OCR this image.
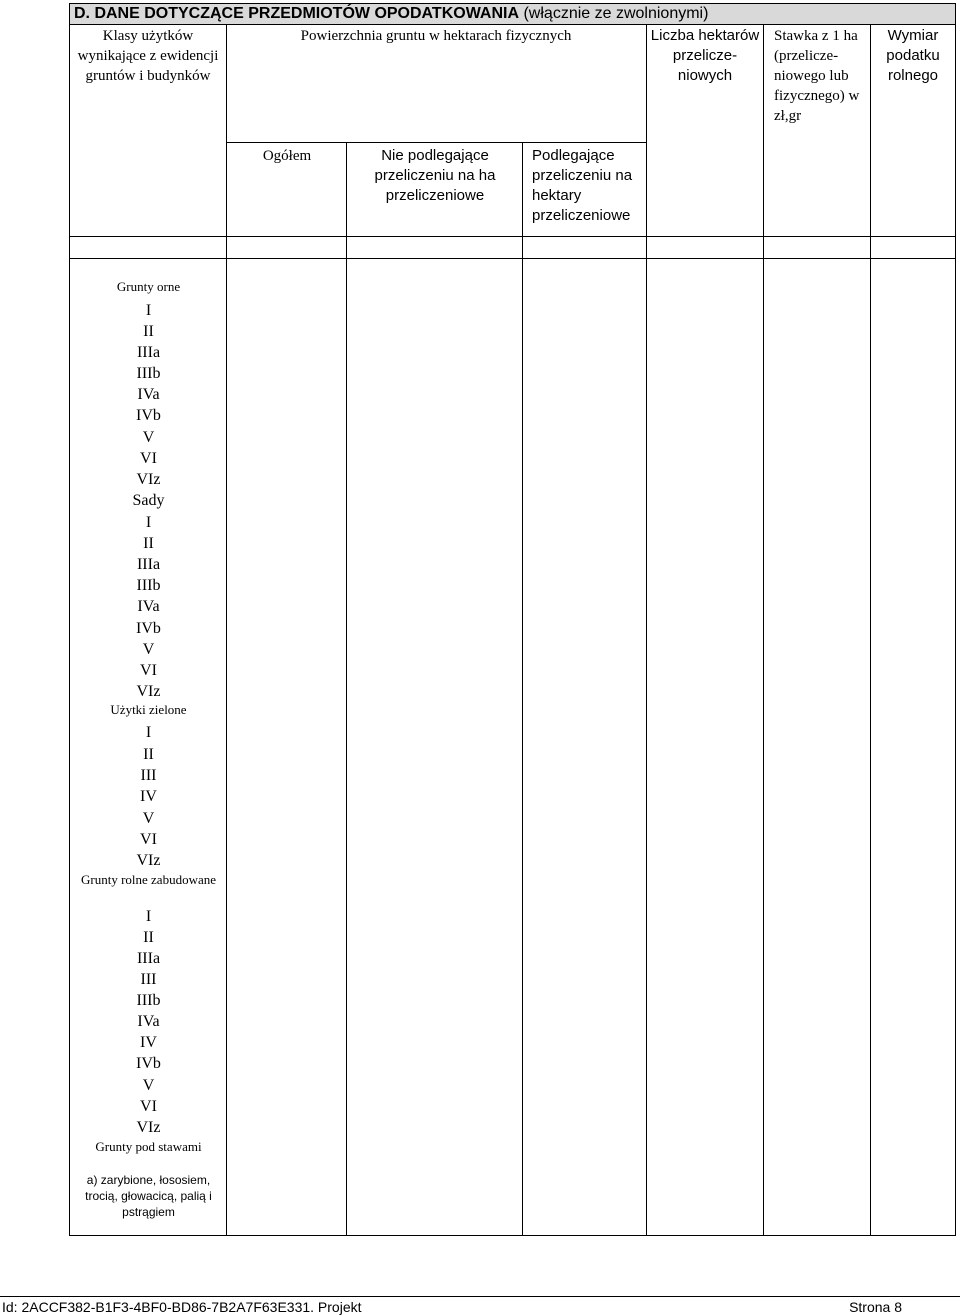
D. DANE DOTYCZĄCE PRZEDMIOTÓW OPODATKOWANIA (włącznie ze zwolnionymi)
Klasy użytków wynikające z ewidencji gruntów i budynków
Powierzchnia gruntu w hektarach fizycznych
Ogółem	Nie podlegające przeliczeniu na ha przeliczeniowe
Podlegające przeliczeniu na hektary przeliczeniowe
Liczba hektarów przelicze-niowych
Stawka z 1 ha (przelicze-niowego lub fizycznego) w zł,gr
Wymiar podatku rolnego
Grunty orne
I
II
IIIa
IIIb
IVa
IVb
V
VI
VIz
Sady
I
II
IIIa
IIIb
IVa
IVb
V
VI
VIz
Użytki zielone
I
II
III
IV
V
VI
VIz
Grunty rolne zabudowane
I
II
IIIa
III
IIIb
IVa
IV
IVb
V
VI
VIz
Grunty pod stawami
a) zarybione, łososiem, trocią, głowacicą, palią i pstrągiem
Id: 2ACCF382-B1F3-4BF0-BD86-7B2A7F63E331. Projekt	Strona 8
